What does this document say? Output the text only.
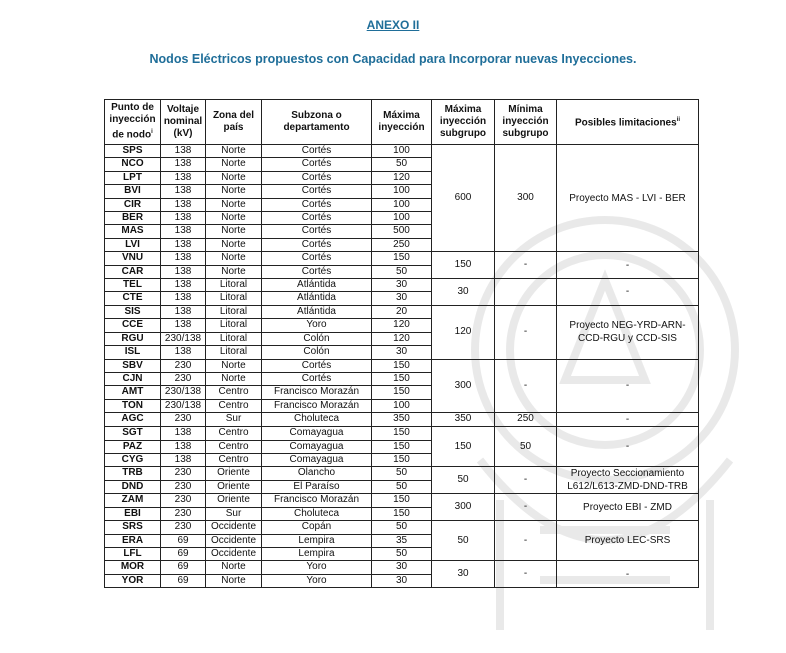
ANEXO II
Nodos Eléctricos propuestos con Capacidad para Incorporar nuevas Inyecciones.
Punto de inyección de nodo$^i$	Voltaje nominal (kV)	Zona del país	Subzona o departamento	Máxima inyección	Máxima inyección subgrupo	Mínima inyección subgrupo	Posibles limitaciones$^{ii}$
SPS	138	Norte	Cortés	100	600	300	Proyecto MAS - LVI - BER
NCO	138	Norte	Cortés	50			
LPT	138	Norte	Cortés	120			
BVI	138	Norte	Cortés	100			
CIR	138	Norte	Cortés	100			
BER	138	Norte	Cortés	100			
MAS	138	Norte	Cortés	500			
LVI	138	Norte	Cortés	250			
VNU	138	Norte	Cortés	150	150	-	-
CAR	138	Norte	Cortés	50			
TEL	138	Litoral	Atlántida	30	30		-
CTE	138	Litoral	Atlántida	30			
SIS	138	Litoral	Atlántida	20	120	-	Proyecto NEG-YRD-ARN-CCD-RGU y CCD-SIS
CCE	138	Litoral	Yoro	120			
RGU	230/138	Litoral	Colón	120			
ISL	138	Litoral	Colón	30			
SBV	230	Norte	Cortés	150	300	-	-
CJN	230	Norte	Cortés	150			
AMT	230/138	Centro	Francisco Morazán	150			
TON	230/138	Centro	Francisco Morazán	100			
AGC	230	Sur	Choluteca	350	350	250	-
SGT	138	Centro	Comayagua	150	150	50	-
PAZ	138	Centro	Comayagua	150			
CYG	138	Centro	Comayagua	150			
TRB	230	Oriente	Olancho	50	50	-	Proyecto Seccionamiento L612/L613-ZMD-DND-TRB
DND	230	Oriente	El Paraíso	50			
ZAM	230	Oriente	Francisco Morazán	150	300	-	Proyecto EBI - ZMD
EBI	230	Sur	Choluteca	150			
SRS	230	Occidente	Copán	50	50	-	Proyecto LEC-SRS
ERA	69	Occidente	Lempira	35			
LFL	69	Occidente	Lempira	50			
MOR	69	Norte	Yoro	30	30	-	-
YOR	69	Norte	Yoro	30			
